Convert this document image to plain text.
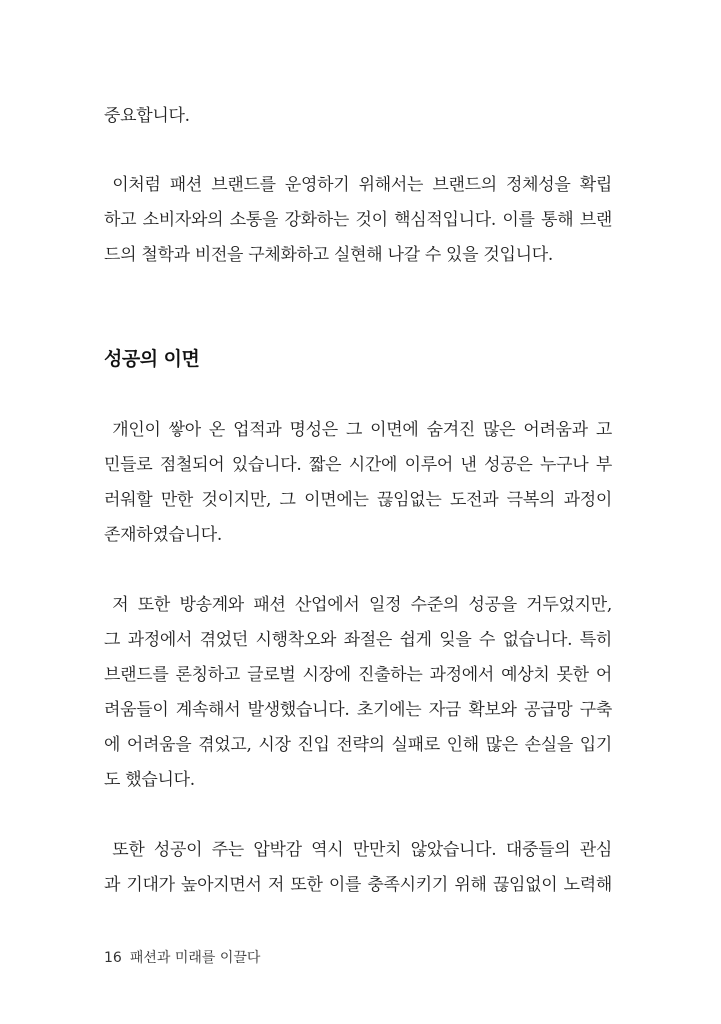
중요합니다.
 이처럼 패션 브랜드를 운영하기 위해서는 브랜드의 정체성을 확립
하고 소비자와의 소통을 강화하는 것이 핵심적입니다. 이를 통해 브랜
드의 철학과 비전을 구체화하고 실현해 나갈 수 있을 것입니다.
성공의 이면
 개인이 쌓아 온 업적과 명성은 그 이면에 숨겨진 많은 어려움과 고
민들로 점철되어 있습니다. 짧은 시간에 이루어 낸 성공은 누구나 부
러워할 만한 것이지만, 그 이면에는 끊임없는 도전과 극복의 과정이
존재하였습니다.
 저 또한 방송계와 패션 산업에서 일정 수준의 성공을 거두었지만,
그 과정에서 겪었던 시행착오와 좌절은 쉽게 잊을 수 없습니다. 특히
브랜드를 론칭하고 글로벌 시장에 진출하는 과정에서 예상치 못한 어
려움들이 계속해서 발생했습니다. 초기에는 자금 확보와 공급망 구축
에 어려움을 겪었고, 시장 진입 전략의 실패로 인해 많은 손실을 입기
도 했습니다.
 또한 성공이 주는 압박감 역시 만만치 않았습니다. 대중들의 관심
과 기대가 높아지면서 저 또한 이를 충족시키기 위해 끊임없이 노력해
16 패션과 미래를 이끌다
